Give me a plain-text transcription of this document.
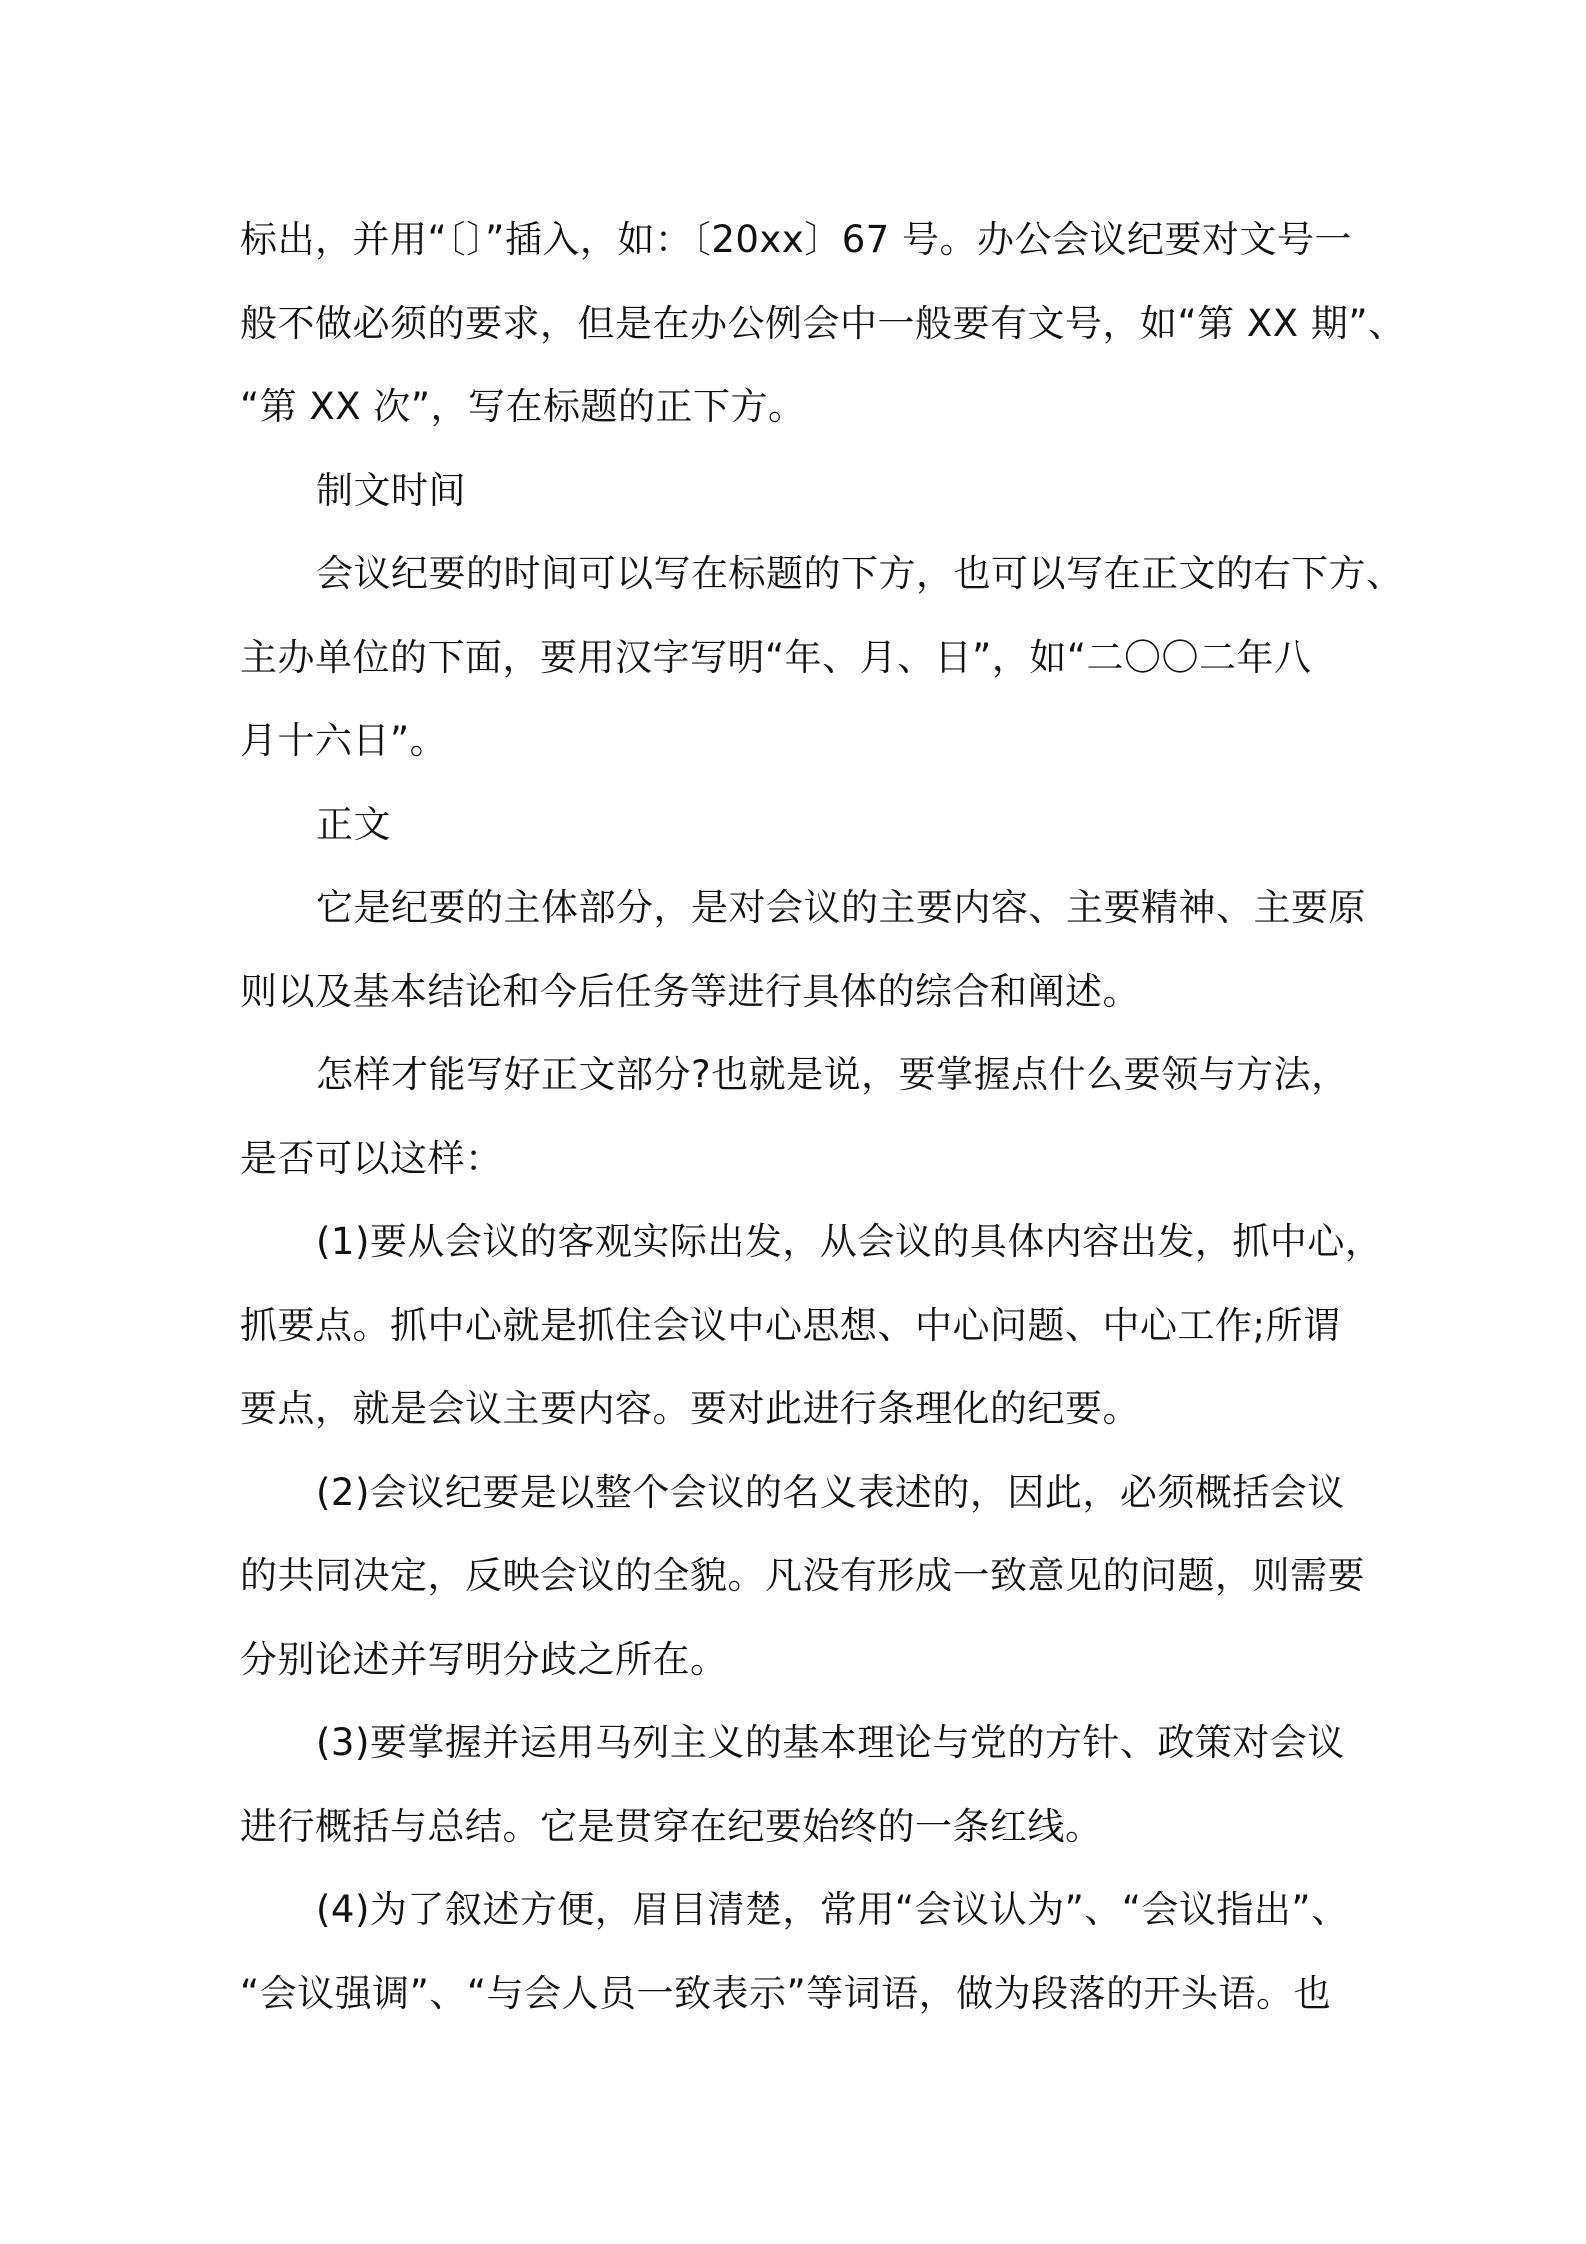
标出，并用“〔〕”插入，如：〔20xx〕67 号。办公会议纪要对文号一
般不做必须的要求，但是在办公例会中一般要有文号，如“第 XX 期”、
“第 XX 次”，写在标题的正下方。
制文时间
会议纪要的时间可以写在标题的下方，也可以写在正文的右下方、
主办单位的下面，要用汉字写明“年、月、日”，如“二〇〇二年八
月十六日”。
正文
它是纪要的主体部分，是对会议的主要内容、主要精神、主要原
则以及基本结论和今后任务等进行具体的综合和阐述。
怎样才能写好正文部分?也就是说，要掌握点什么要领与方法，
是否可以这样：
(1)要从会议的客观实际出发，从会议的具体内容出发，抓中心，
抓要点。抓中心就是抓住会议中心思想、中心问题、中心工作;所谓
要点，就是会议主要内容。要对此进行条理化的纪要。
(2)会议纪要是以整个会议的名义表述的，因此，必须概括会议
的共同决定，反映会议的全貌。凡没有形成一致意见的问题，则需要
分别论述并写明分歧之所在。
(3)要掌握并运用马列主义的基本理论与党的方针、政策对会议
进行概括与总结。它是贯穿在纪要始终的一条红线。
(4)为了叙述方便，眉目清楚，常用“会议认为”、“会议指出”、
“会议强调”、“与会人员一致表示”等词语，做为段落的开头语。也
